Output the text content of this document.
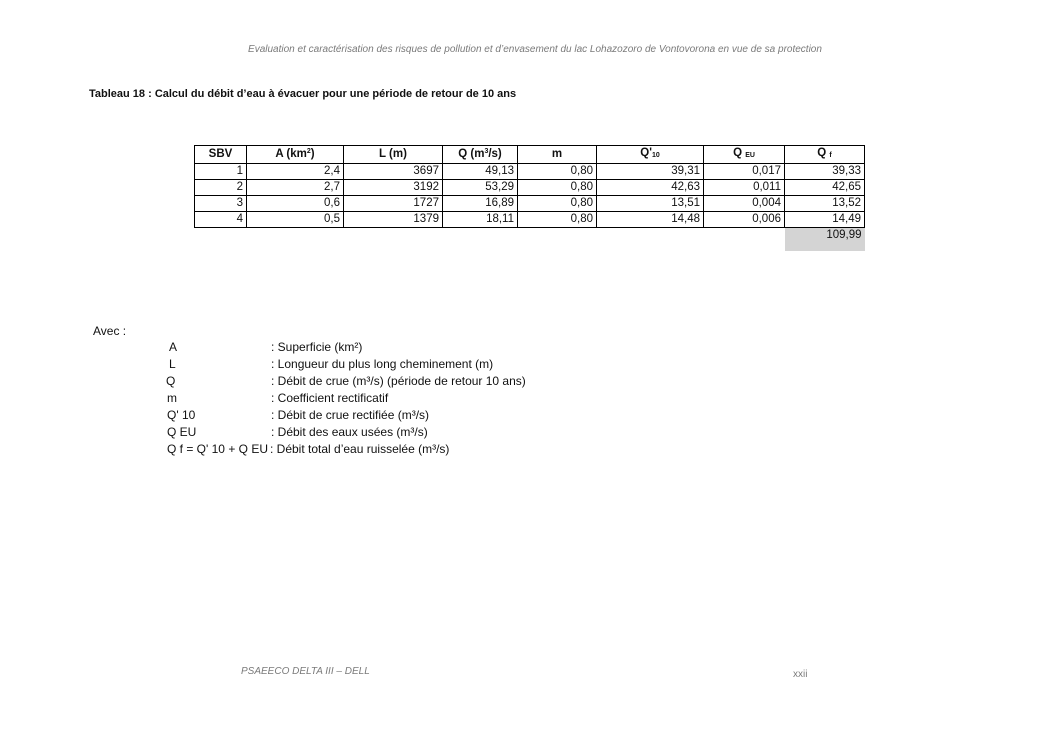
Evaluation et caractérisation des risques de pollution et d’envasement du lac Lohazozoro de Vontovorona en vue de sa protection
Tableau 18 : Calcul du débit d’eau à évacuer pour une période de retour de 10 ans
SBV	A $(km^2)$	L (m)	Q $(m^3/s)$	m	$Q'_{10}$	Q $_{EU}$	Q $_f$
1	2,4	3697	49,13	0,80	39,31	0,017	39,33
2	2,7	3192	53,29	0,80	42,63	0,011	42,65
3	0,6	1727	16,89	0,80	13,51	0,004	13,52
4	0,5	1379	18,11	0,80	14,48	0,006	14,49
							109,99
Avec :
A	: Superficie (km²)
L	: Longueur du plus long cheminement (m)
Q	: Débit de crue (m³/s) (période de retour 10 ans)
m	: Coefficient rectificatif
Q' 10	: Débit de crue rectifiée (m³/s)
Q EU	: Débit des eaux usées (m³/s)
Q f = Q' 10 + Q EU : Débit total d’eau ruisselée (m³/s)
PSAEECO DELTA III – DELL	xxii
